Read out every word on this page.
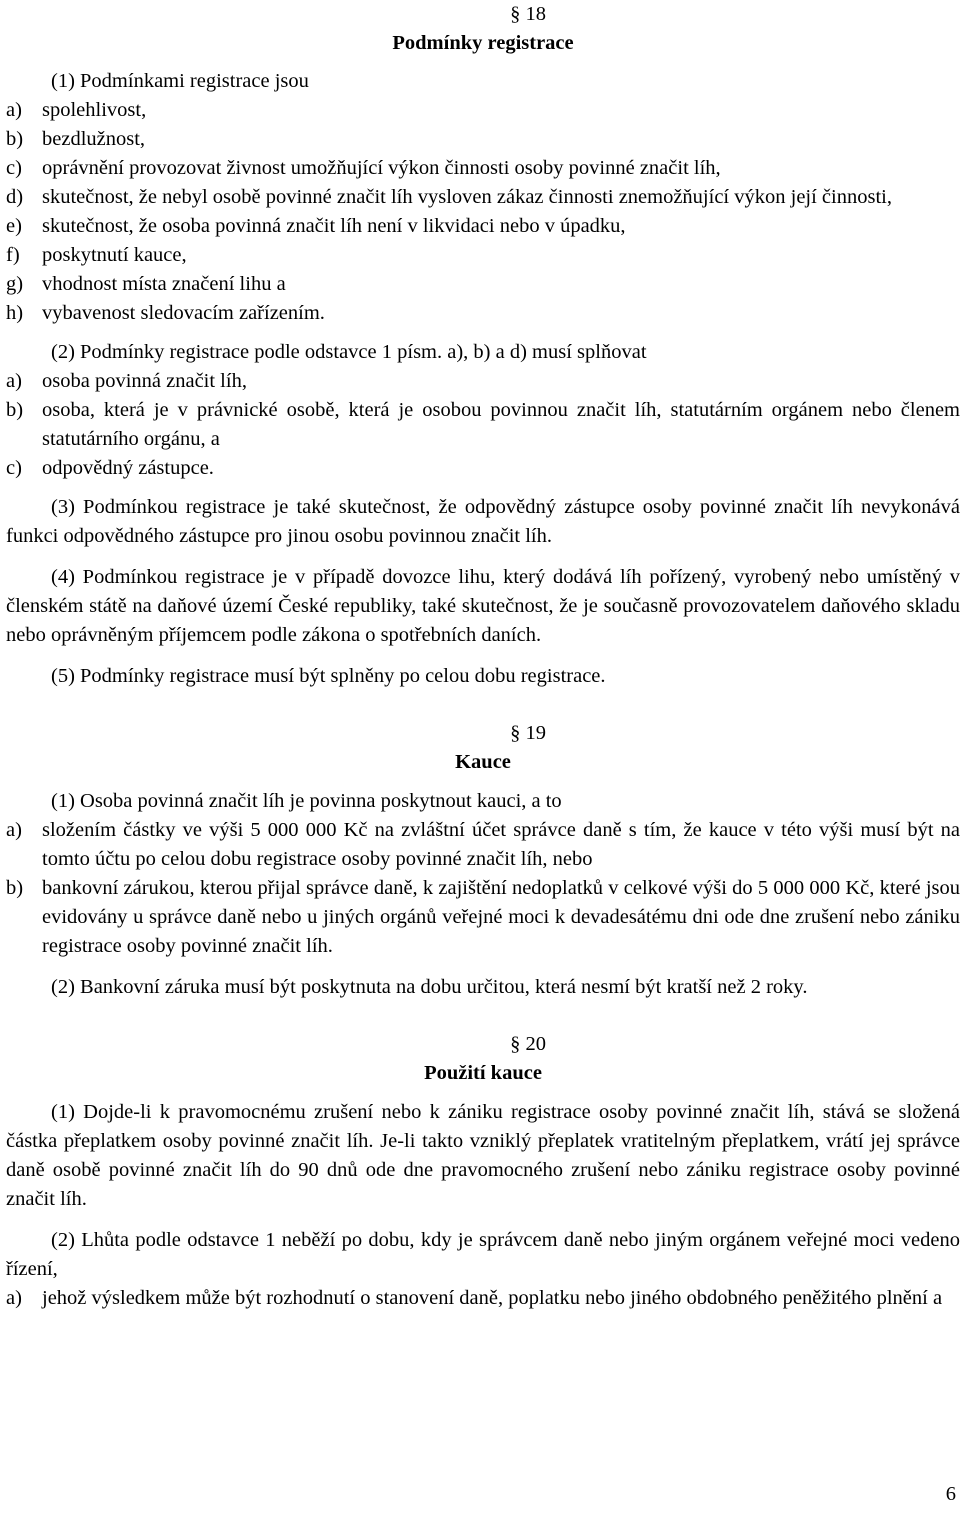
§ 18
Podmínky registrace

(1) Podmínkami registrace jsou

a) spolehlivost,
b) bezdlužnost,
c) oprávnění provozovat živnost umožňující výkon činnosti osoby povinné značit líh,
d) skutečnost, že nebyl osobě povinné značit líh vysloven zákaz činnosti znemožňující výkon její činnosti,
e) skutečnost, že osoba povinná značit líh není v likvidaci nebo v úpadku,
f)	poskytnutí kauce,
g) vhodnost místa značení lihu a
h) vybavenost sledovacím zařízením.

(2) Podmínky registrace podle odstavce 1 písm. a), b) a d) musí splňovat

a) osoba povinná značit líh,
b) osoba, která je v právnické osobě, která je osobou povinnou značit líh, statutárním orgánem nebo členem statutárního orgánu, a
c) odpovědný zástupce.

(3) Podmínkou registrace je také skutečnost, že odpovědný zástupce osoby povinné značit líh nevykonává funkci odpovědného zástupce pro jinou osobu povinnou značit líh.

(4) Podmínkou registrace je v případě dovozce lihu, který dodává líh pořízený, vyrobený nebo umístěný v členském státě na daňové území České republiky, také skutečnost, že je současně provozovatelem daňového skladu nebo oprávněným příjemcem podle zákona o spotřebních daních.

(5) Podmínky registrace musí být splněny po celou dobu registrace.

§ 19
Kauce

(1) Osoba povinná značit líh je povinna poskytnout kauci, a to

a) složením částky ve výši 5 000 000 Kč na zvláštní účet správce daně s tím, že kauce v této výši musí být na tomto účtu po celou dobu registrace osoby povinné značit líh, nebo
b) bankovní zárukou, kterou přijal správce daně, k zajištění nedoplatků v celkové výši do 5 000 000 Kč, které jsou evidovány u správce daně nebo u jiných orgánů veřejné moci k devadesátému dni ode dne zrušení nebo zániku registrace osoby povinné značit líh.

(2) Bankovní záruka musí být poskytnuta na dobu určitou, která nesmí být kratší než 2 roky.

§ 20
Použití kauce

(1) Dojde-li k pravomocnému zrušení nebo k zániku registrace osoby povinné značit líh, stává se složená částka přeplatkem osoby povinné značit líh. Je-li takto vzniklý přeplatek vratitelným přeplatkem, vrátí jej správce daně osobě povinné značit líh do 90 dnů ode dne pravomocného zrušení nebo zániku registrace osoby povinné značit líh.

(2) Lhůta podle odstavce 1 neběží po dobu, kdy je správcem daně nebo jiným orgánem veřejné moci vedeno řízení,

a) jehož výsledkem může být rozhodnutí o stanovení daně, poplatku nebo jiného obdobného peněžitého plnění a
6
